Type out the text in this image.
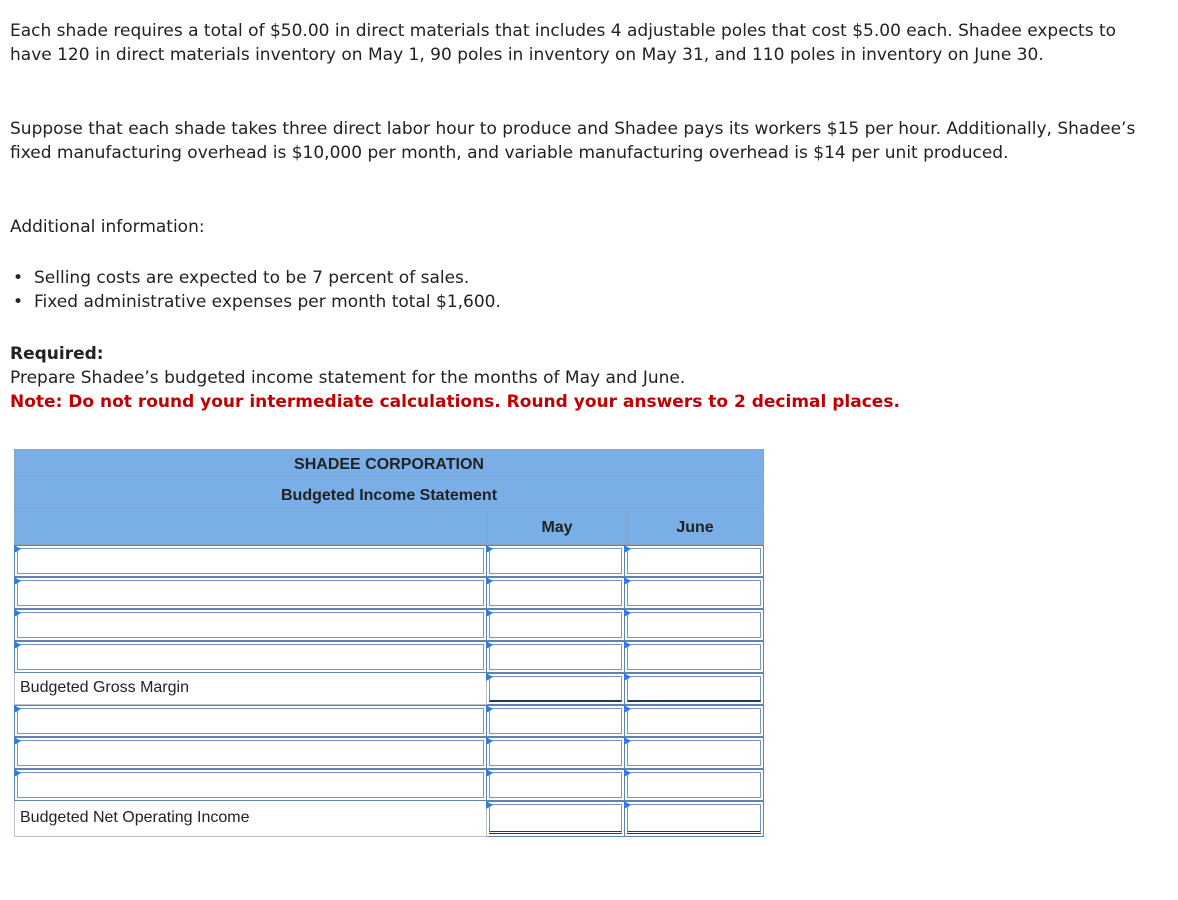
Each shade requires a total of $50.00 in direct materials that includes 4 adjustable poles that cost $5.00 each. Shadee expects to have 120 in direct materials inventory on May 1, 90 poles in inventory on May 31, and 110 poles in inventory on June 30.

Suppose that each shade takes three direct labor hour to produce and Shadee pays its workers $15 per hour. Additionally, Shadee’s fixed manufacturing overhead is $10,000 per month, and variable manufacturing overhead is $14 per unit produced.

Additional information:

• Selling costs are expected to be 7 percent of sales.
• Fixed administrative expenses per month total $1,600.
Required:
Prepare Shadee’s budgeted income statement for the months of May and June.
Note: Do not round your intermediate calculations. Round your answers to 2 decimal places.
SHADEE CORPORATION
Budgeted Income Statement
May	June
Budgeted Gross Margin
Budgeted Net Operating Income
